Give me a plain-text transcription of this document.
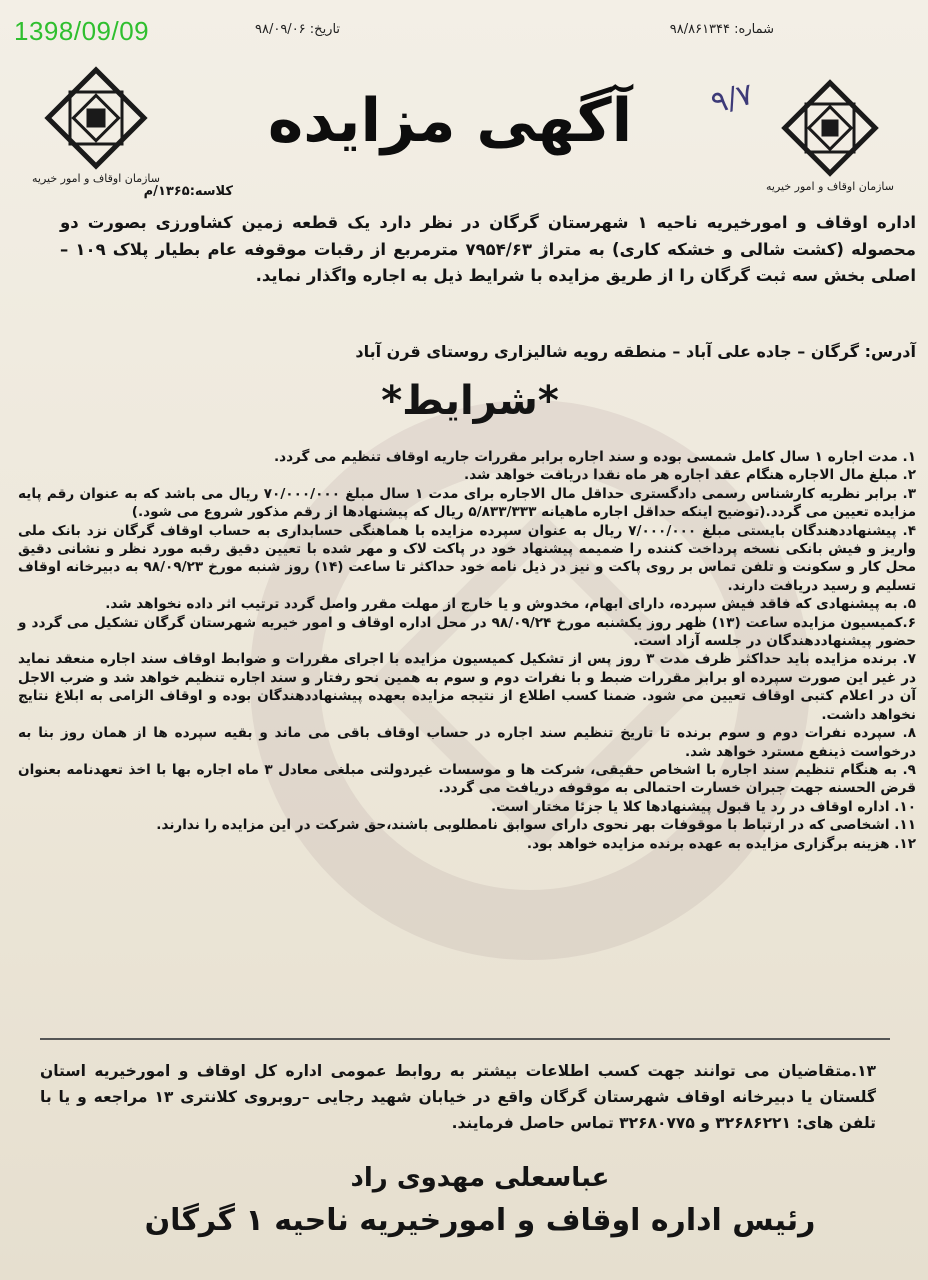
1398/09/09	تاریخ: ۹۸/۰۹/۰۶	شماره: ۹۸/۸۶۱۳۴۴
سازمان اوقاف و امور خیریه
سازمان اوقاف و امور خیریه
آگهی مزایده	۹/۷
کلاسه:۱۳۶۵/م
اداره اوقاف و امورخیریه ناحیه ۱ شهرستان گرگان در نظر دارد یک قطعه زمین کشاورزی بصورت دو محصوله (کشت شالی و خشکه کاری) به متراژ ۷۹۵۴/۶۳ مترمربع از رقبات موقوفه عام بطیار پلاک ۱۰۹ – اصلی بخش سه ثبت گرگان را از طریق مزایده با شرایط ذیل به اجاره واگذار نماید.
آدرس: گرگان – جاده علی آباد – منطقه رویه شالیزاری روستای قرن آباد
*شرایط*
۱. مدت اجاره ۱ سال کامل شمسی بوده و سند اجاره برابر مقررات جاریه اوقاف تنظیم می گردد.
۲. مبلغ مال الاجاره هنگام عقد اجاره هر ماه نقدا دریافت خواهد شد.
۳. برابر نظریه کارشناس رسمی دادگستری حداقل مال الاجاره برای مدت ۱ سال مبلغ ۷۰/۰۰۰/۰۰۰ ریال می باشد که به عنوان رقم پایه مزایده تعیین می گردد.(توضیح اینکه حداقل اجاره ماهیانه ۵/۸۳۳/۳۳۳ ریال که پیشنهادها از رقم مذکور شروع می شود.)
۴. پیشنهاددهندگان بایستی مبلغ ۷/۰۰۰/۰۰۰ ریال به عنوان سپرده مزایده با هماهنگی حسابداری به حساب اوقاف گرگان نزد بانک ملی واریز و فیش بانکی نسخه پرداخت کننده را ضمیمه پیشنهاد خود در پاکت لاک و مهر شده با تعیین دقیق رقبه مورد نظر و نشانی دقیق محل کار و سکونت و تلفن تماس بر روی پاکت و نیز در ذیل نامه خود حداکثر تا ساعت (۱۴) روز شنبه مورخ ۹۸/۰۹/۲۳ به دبیرخانه اوقاف تسلیم و رسید دریافت دارند.
۵. به پیشنهادی که فاقد فیش سپرده، دارای ابهام، مخدوش و یا خارج از مهلت مقرر واصل گردد ترتیب اثر داده نخواهد شد.
۶.کمیسیون مزایده ساعت (۱۳) ظهر روز یکشنبه مورخ ۹۸/۰۹/۲۴ در محل اداره اوقاف و امور خیریه شهرستان گرگان تشکیل می گردد و حضور پیشنهاددهندگان در جلسه آزاد است.
۷. برنده مزایده باید حداکثر ظرف مدت ۳ روز پس از تشکیل کمیسیون مزایده با اجرای مقررات و ضوابط اوقاف سند اجاره منعقد نماید در غیر این صورت سپرده او برابر مقررات ضبط و با نفرات دوم و سوم به همین نحو رفتار و سند اجاره تنظیم خواهد شد و ضرب الاجل آن در اعلام کتبی اوقاف تعیین می شود. ضمنا کسب اطلاع از نتیجه مزایده بعهده پیشنهاددهندگان بوده و اوقاف الزامی به ابلاغ نتایج نخواهد داشت.
۸. سپرده نفرات دوم و سوم برنده تا تاریخ تنظیم سند اجاره در حساب اوقاف باقی می ماند و بقیه سپرده ها از همان روز بنا به درخواست ذینفع مسترد خواهد شد.
۹. به هنگام تنظیم سند اجاره با اشخاص حقیقی، شرکت ها و موسسات غیردولتی مبلغی معادل ۳ ماه اجاره بها با اخذ تعهدنامه بعنوان قرض الحسنه جهت جبران خسارت احتمالی به موقوفه دریافت می گردد.
۱۰. اداره اوقاف در رد یا قبول پیشنهادها کلا یا جزئا مختار است.
۱۱. اشخاصی که در ارتباط با موقوفات بهر نحوی دارای سوابق نامطلوبی باشند،حق شرکت در این مزایده را ندارند.
۱۲. هزینه برگزاری مزایده به عهده برنده مزایده خواهد بود.
۱۳.متقاضیان می توانند جهت کسب اطلاعات بیشتر به روابط عمومی اداره کل اوقاف و امورخیریه استان گلستان یا دبیرخانه اوقاف شهرستان گرگان واقع در خیابان شهید رجایی –روبروی کلانتری ۱۳ مراجعه و یا با تلفن های: ۳۲۶۸۶۲۲۱ و ۳۲۶۸۰۷۷۵ تماس حاصل فرمایند.
عباسعلی مهدوی راد
رئیس اداره اوقاف و امورخیریه ناحیه ۱ گرگان
